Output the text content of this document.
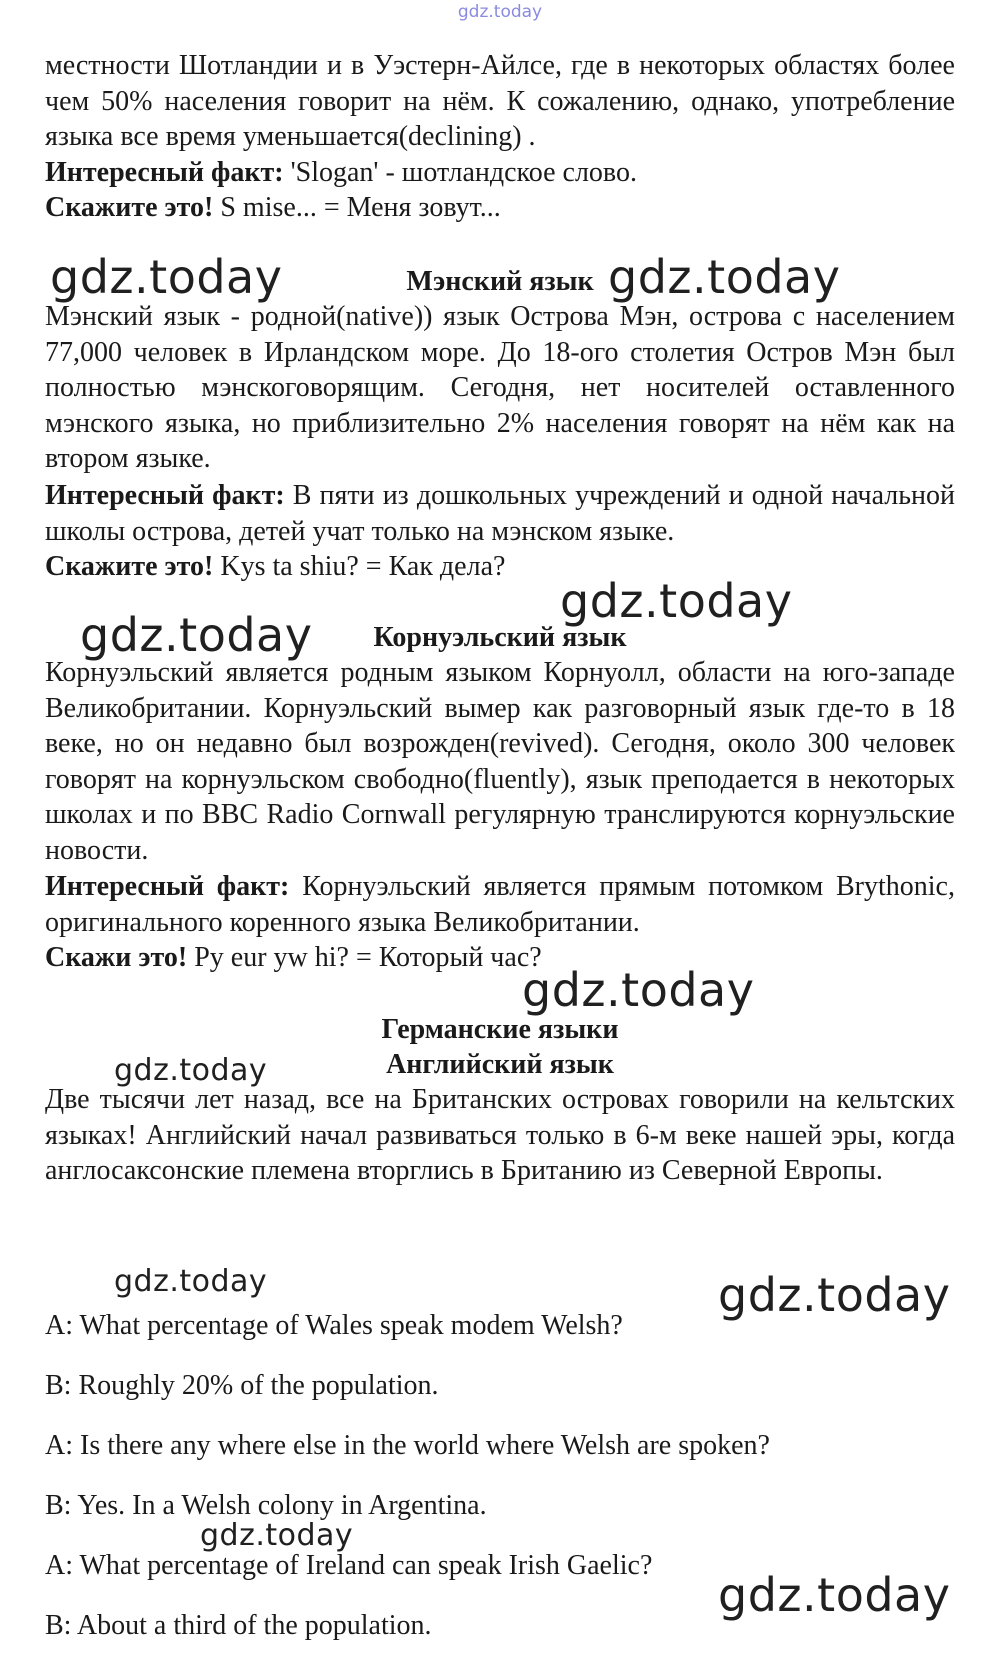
gdz.today

местности Шотландии и в Уэстерн-Айлсе, где в некоторых областях более чем 50% населения говорит на нём. К сожалению, однако, употребление языка все время уменьшается(declining) .

Интересный факт: 'Slogan' - шотландское слово.
Скажите это! S mise... = Меня зовут...
Мэнский язык

Мэнский язык - родной(native)) язык Острова Мэн, острова с населением 77,000 человек в Ирландском море. До 18-ого столетия Остров Мэн был полностью мэнскоговорящим. Сегодня, нет носителей оставленного мэнского языка, но приблизительно 2% населения говорят на нём как на втором языке.

Интересный факт: В пяти из дошкольных учреждений и одной начальной школы острова, детей учат только на мэнском языке.

Скажите это! Kys ta shiu? = Как дела?
Корнуэльский язык

Корнуэльский является родным языком Корнуолл, области на юго-западе Великобритании. Корнуэльский вымер как разговорный язык где-то в 18 веке, но он недавно был возрожден(revived). Сегодня, около 300 человек говорят на корнуэльском свободно(fluently), язык преподается в некоторых школах и по BBC Radio Cornwall регулярную транслируются корнуэльские новости.

Интересный факт: Корнуэльский является прямым потомком Brythonic, оригинального коренного языка Великобритании.

Скажи это! Py eur yw hi? = Который час?
Германские языки
Английский язык

Две тысячи лет назад, все на Британских островах говорили на кельтских языках! Английский начал развиваться только в 6-м веке нашей эры, когда англосаксонские племена вторглись в Британию из Северной Европы.

A: What percentage of Wales speak modem Welsh?
B: Roughly 20% of the population.
A: Is there any where else in the world where Welsh are spoken?
B: Yes. In a Welsh colony in Argentina.
A: What percentage of Ireland can speak Irish Gaelic?
B: About a third of the population.
gdz.today	gdz.today
gdz.today
gdz.today
gdz.today
gdz.today
gdz.today	gdz.today
gdz.today
gdz.today
